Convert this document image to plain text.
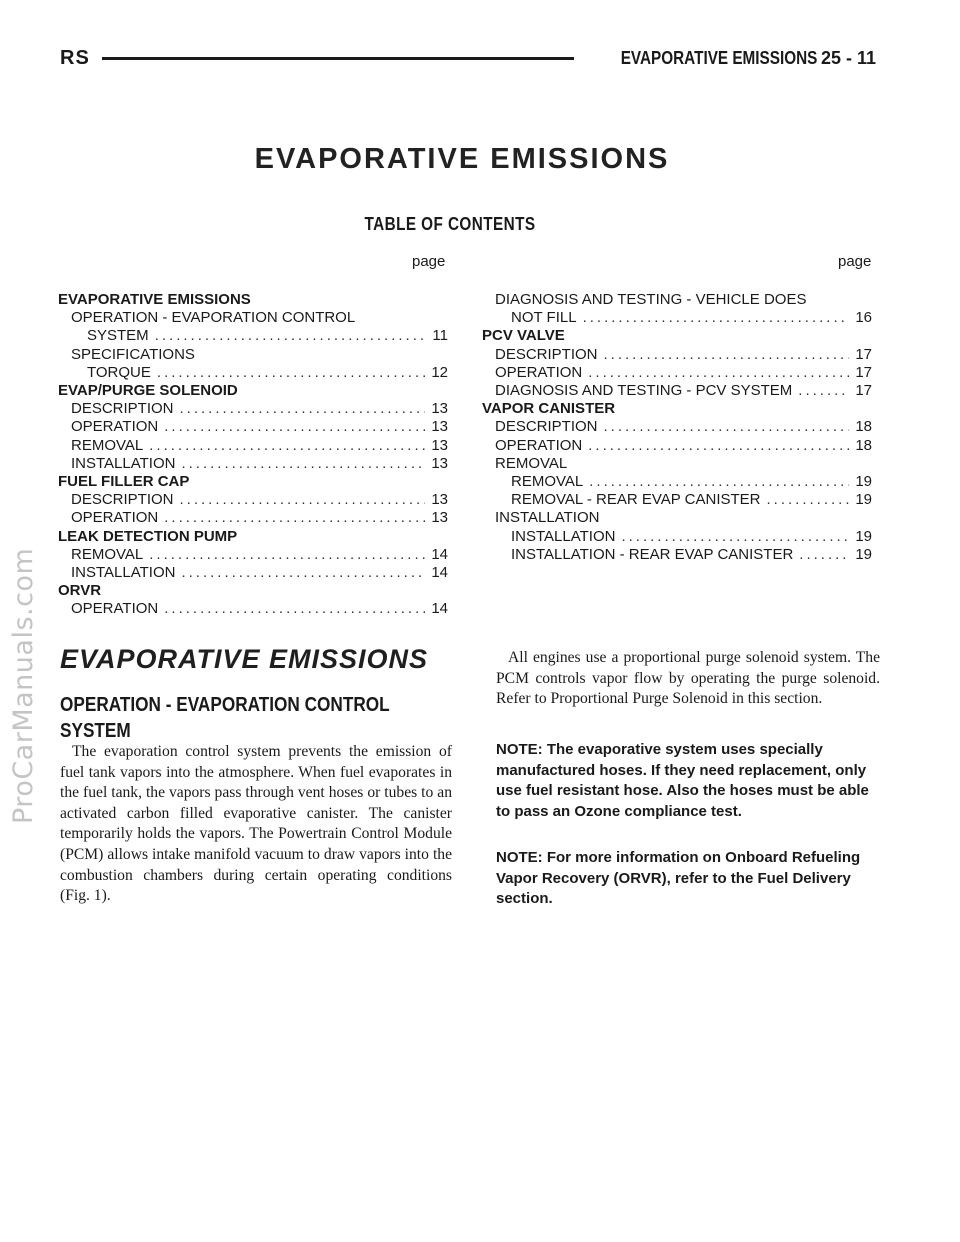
ProCarManuals.com
RS	EVAPORATIVE EMISSIONS 25 - 11
EVAPORATIVE EMISSIONS
TABLE OF CONTENTS
page	page
EVAPORATIVE EMISSIONS
OPERATION - EVAPORATION CONTROL
SYSTEM .....	11
SPECIFICATIONS
TORQUE .....	12
EVAP/PURGE SOLENOID
DESCRIPTION .....	13
OPERATION .....	13
REMOVAL .....	13
INSTALLATION .....	13
FUEL FILLER CAP
DESCRIPTION .....	13
OPERATION .....	13
LEAK DETECTION PUMP
REMOVAL .....	14
INSTALLATION .....	14
ORVR
OPERATION .....	14
DIAGNOSIS AND TESTING - VEHICLE DOES
NOT FILL .....	16
PCV VALVE
DESCRIPTION .....	17
OPERATION .....	17
DIAGNOSIS AND TESTING - PCV SYSTEM .....	17
VAPOR CANISTER
DESCRIPTION .....	18
OPERATION .....	18
REMOVAL
REMOVAL .....	19
REMOVAL - REAR EVAP CANISTER .....	19
INSTALLATION
INSTALLATION .....	19
INSTALLATION - REAR EVAP CANISTER .....	19
EVAPORATIVE EMISSIONS
OPERATION - EVAPORATION CONTROL SYSTEM

The evaporation control system prevents the emission of fuel tank vapors into the atmosphere. When fuel evaporates in the fuel tank, the vapors pass through vent hoses or tubes to an activated carbon filled evaporative canister. The canister temporarily holds the vapors. The Powertrain Control Module (PCM) allows intake manifold vacuum to draw vapors into the combustion chambers during certain operating conditions (Fig. 1).

All engines use a proportional purge solenoid system. The PCM controls vapor flow by operating the purge solenoid. Refer to Proportional Purge Solenoid in this section.

NOTE: The evaporative system uses specially manufactured hoses. If they need replacement, only use fuel resistant hose. Also the hoses must be able to pass an Ozone compliance test.
NOTE: For more information on Onboard Refueling Vapor Recovery (ORVR), refer to the Fuel Delivery section.
